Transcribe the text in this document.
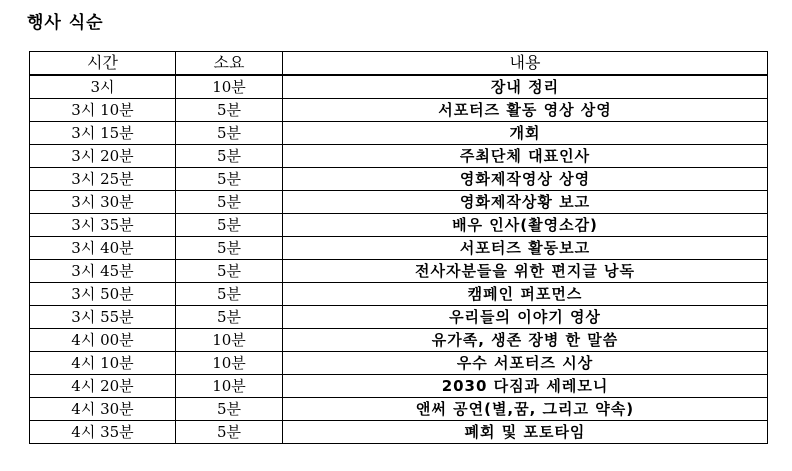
행사 식순
시간	소요	내용
3시	10분	장내 정리
3시 10분	5분	서포터즈 활동 영상 상영
3시 15분	5분	개회
3시 20분	5분	주최단체 대표인사
3시 25분	5분	영화제작영상 상영
3시 30분	5분	영화제작상황 보고
3시 35분	5분	배우 인사(촬영소감)
3시 40분	5분	서포터즈 활동보고
3시 45분	5분	전사자분들을 위한 편지글 낭독
3시 50분	5분	캠페인 퍼포먼스
3시 55분	5분	우리들의 이야기 영상
4시 00분	10분	유가족, 생존 장병 한 말씀
4시 10분	10분	우수 서포터즈 시상
4시 20분	10분	2030 다짐과 세레모니
4시 30분	5분	앤써 공연(별,꿈, 그리고 약속)
4시 35분	5분	폐회 및 포토타임
